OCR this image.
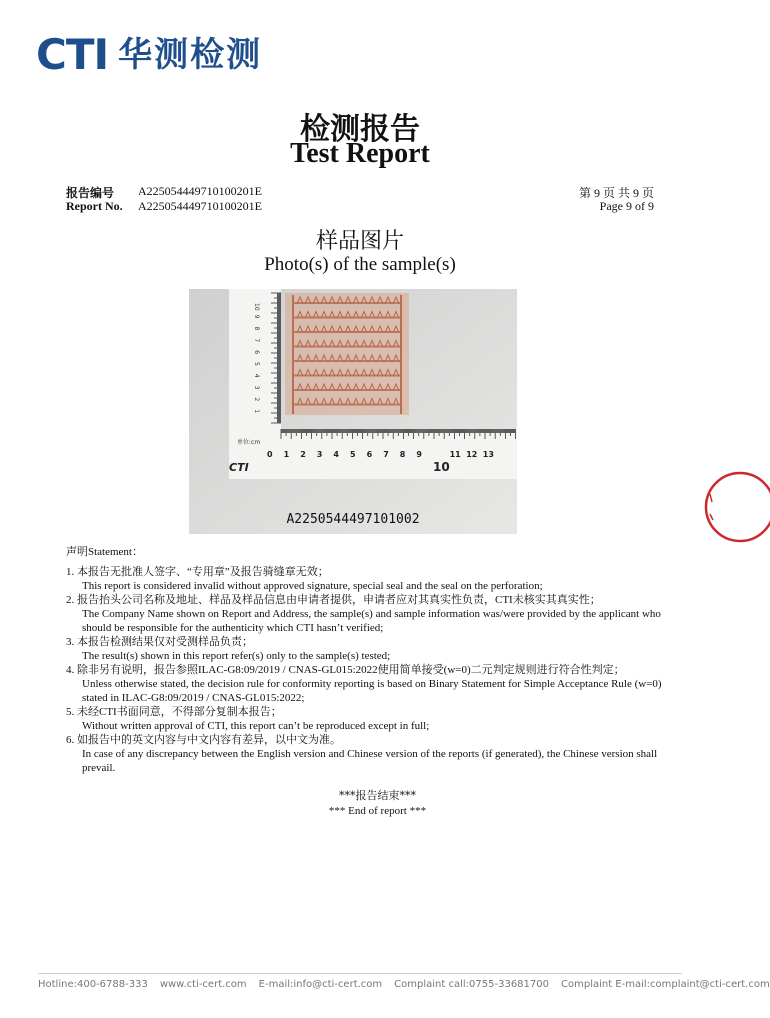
CTI 华测检测
检测报告
Test Report
报告编号
Report No.
A225054449710100201E
A225054449710100201E
第 9 页 共 9 页
Page 9 of 9
样品图片
Photo(s) of the sample(s)
单位:cm
CTI
0 1 2 3 4 5 6 7 8 9
10
11 12 13
10
9
8
7
6
5
4
3
2
1
A2250544497101002
声明Statement：
1. 本报告无批准人签字、“专用章”及报告骑缝章无效；
This report is considered invalid without approved signature, special seal and the seal on the perforation;
2. 报告抬头公司名称及地址、样品及样品信息由申请者提供，申请者应对其真实性负责，CTI未核实其真实性；
The Company Name shown on Report and Address, the sample(s) and sample information was/were provided by the applicant who should be responsible for the authenticity which CTI hasn’t verified;
3. 本报告检测结果仅对受测样品负责；
The result(s) shown in this report refer(s) only to the sample(s) tested;
4. 除非另有说明，报告参照ILAC-G8:09/2019 / CNAS-GL015:2022使用简单接受(w=0)二元判定规则进行符合性判定；
Unless otherwise stated, the decision rule for conformity reporting is based on Binary Statement for Simple Acceptance Rule (w=0) stated in ILAC-G8:09/2019 / CNAS-GL015:2022;
5. 未经CTI书面同意，不得部分复制本报告；
Without written approval of CTI, this report can’t be reproduced except in full;
6. 如报告中的英文内容与中文内容有差异，以中文为准。
In case of any discrepancy between the English version and Chinese version of the reports (if generated), the Chinese version shall prevail.
***报告结束***
*** End of report ***
Hotline:400-6788-333 www.cti-cert.com E-mail:info@cti-cert.com Complaint call:0755-33681700 Complaint E-mail:complaint@cti-cert.com
